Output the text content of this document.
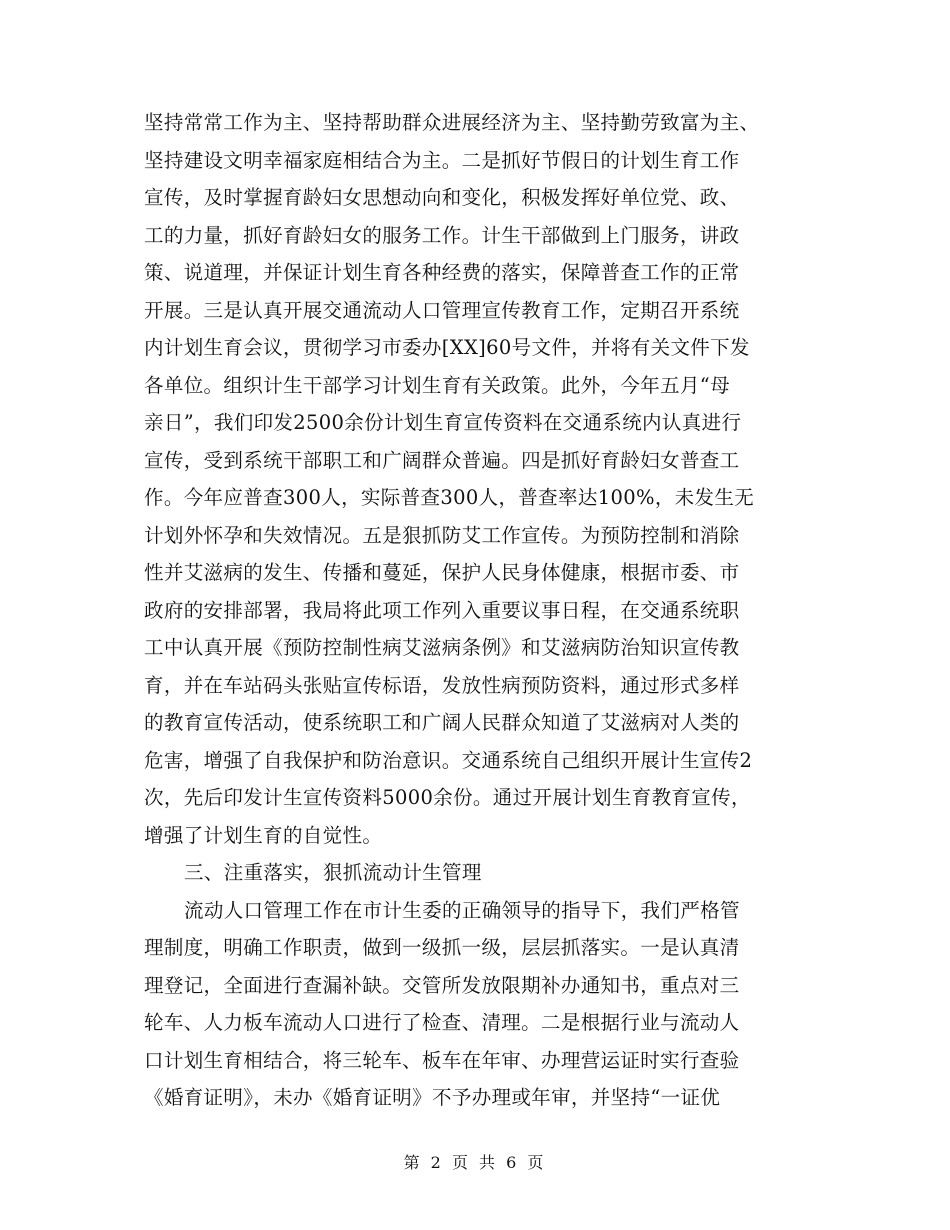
坚持常常工作为主、坚持帮助群众进展经济为主、坚持勤劳致富为主、
坚持建设文明幸福家庭相结合为主。二是抓好节假日的计划生育工作
宣传，及时掌握育龄妇女思想动向和变化，积极发挥好单位党、政、
工的力量，抓好育龄妇女的服务工作。计生干部做到上门服务，讲政
策、说道理，并保证计划生育各种经费的落实，保障普查工作的正常
开展。三是认真开展交通流动人口管理宣传教育工作，定期召开系统
内计划生育会议，贯彻学习市委办[XX]60号文件，并将有关文件下发
各单位。组织计生干部学习计划生育有关政策。此外，今年五月“母
亲日”，我们印发2500余份计划生育宣传资料在交通系统内认真进行
宣传，受到系统干部职工和广阔群众普遍。四是抓好育龄妇女普查工
作。今年应普查300人，实际普查300人，普查率达100%，未发生无
计划外怀孕和失效情况。五是狠抓防艾工作宣传。为预防控制和消除
性并艾滋病的发生、传播和蔓延，保护人民身体健康，根据市委、市
政府的安排部署，我局将此项工作列入重要议事日程，在交通系统职
工中认真开展《预防控制性病艾滋病条例》和艾滋病防治知识宣传教
育，并在车站码头张贴宣传标语，发放性病预防资料，通过形式多样
的教育宣传活动，使系统职工和广阔人民群众知道了艾滋病对人类的
危害，增强了自我保护和防治意识。交通系统自己组织开展计生宣传2
次，先后印发计生宣传资料5000余份。通过开展计划生育教育宣传，
增强了计划生育的自觉性。
三、注重落实，狠抓流动计生管理
流动人口管理工作在市计生委的正确领导的指导下，我们严格管
理制度，明确工作职责，做到一级抓一级，层层抓落实。一是认真清
理登记，全面进行查漏补缺。交管所发放限期补办通知书，重点对三
轮车、人力板车流动人口进行了检查、清理。二是根据行业与流动人
口计划生育相结合，将三轮车、板车在年审、办理营运证时实行查验
《婚育证明》，未办《婚育证明》不予办理或年审，并坚持“一证优
第 2 页 共 6 页
